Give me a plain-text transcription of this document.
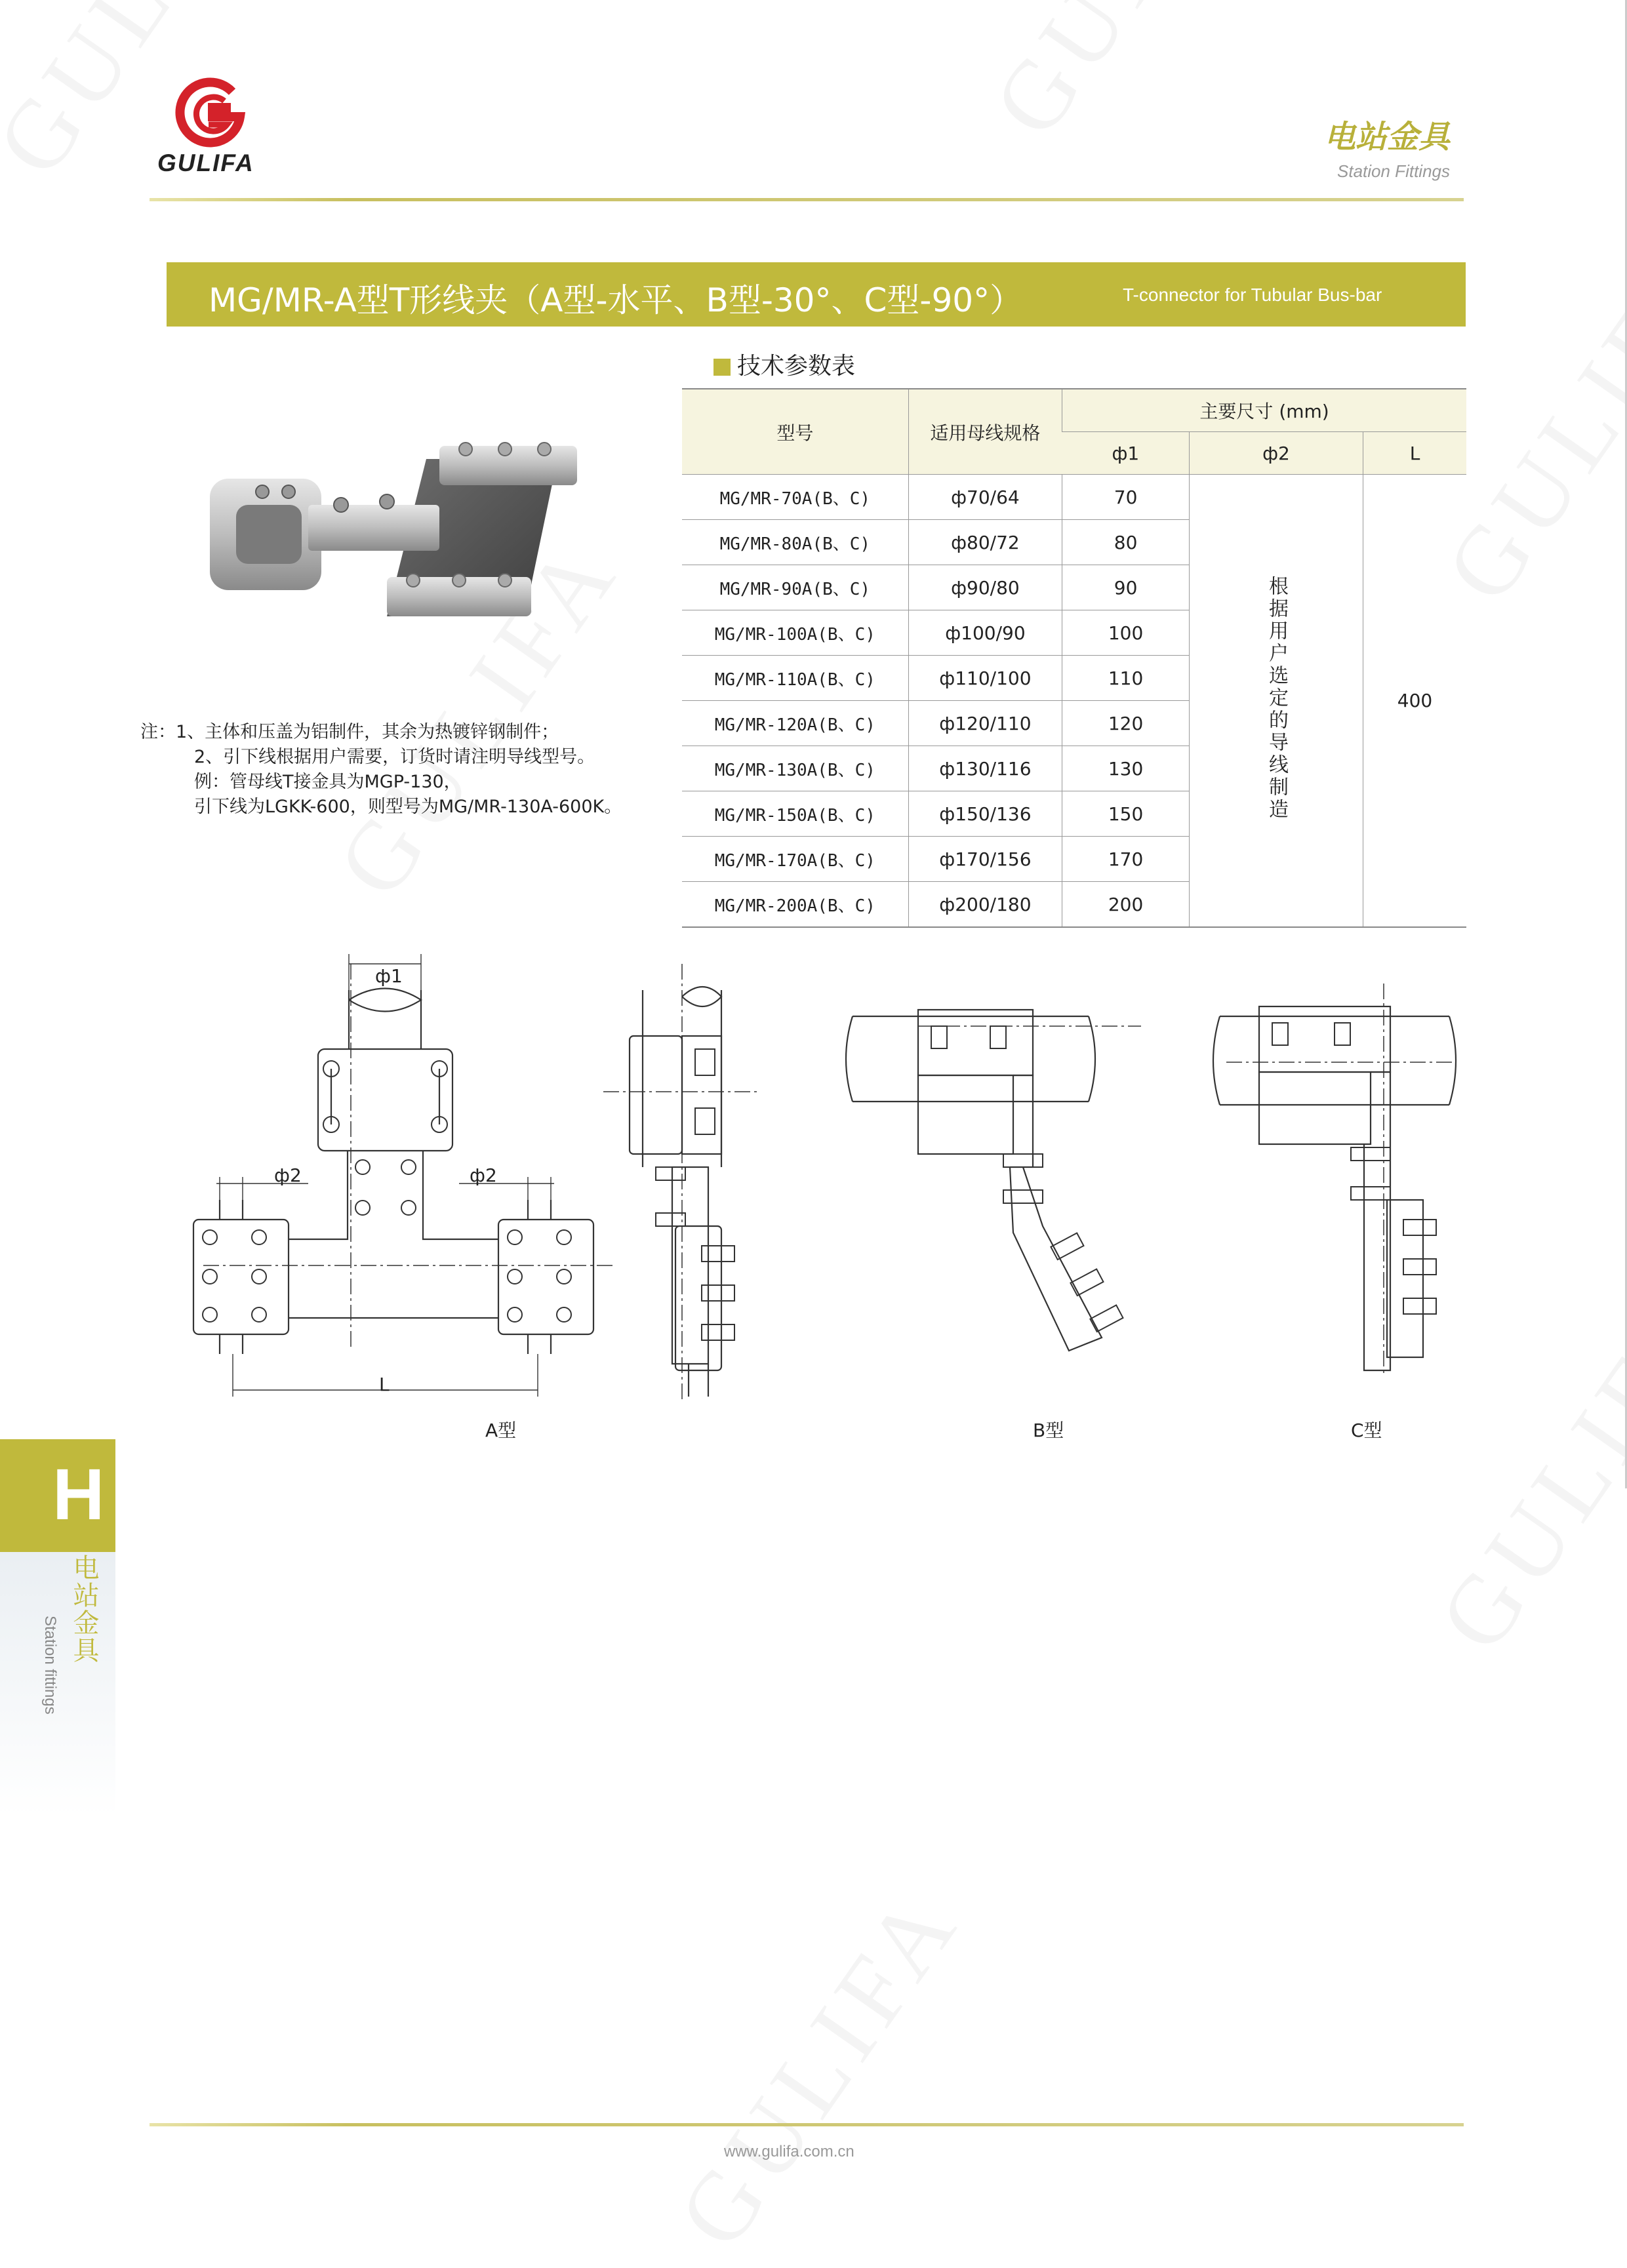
GULIFA
电站金具
Station Fittings
MG/MR-A型T形线夹（A型-水平、B型-30°、C型-90°）	T-connector for Tubular Bus-bar
注：1、主体和压盖为铝制件，其余为热镀锌钢制件；
2、引下线根据用户需要，订货时请注明导线型号。
例：管母线T接金具为MGP-130，
引下线为LGKK-600，则型号为MG/MR-130A-600K。
技术参数表
型号	适用母线规格	主要尺寸 (mm)		
		ф1	ф2	L
MG/MR-70A(B、C)	ф70/64	70	根据用户选定的导线制造	400
MG/MR-80A(B、C)	ф80/72	80		
MG/MR-90A(B、C)	ф90/80	90		
MG/MR-100A(B、C)	ф100/90	100		
MG/MR-110A(B、C)	ф110/100	110		
MG/MR-120A(B、C)	ф120/110	120		
MG/MR-130A(B、C)	ф130/116	130		
MG/MR-150A(B、C)	ф150/136	150		
MG/MR-170A(B、C)	ф170/156	170		
MG/MR-200A(B、C)	ф200/180	200		
ф1
ф2	ф2
L
A型	B型	C型
H
电站金具
Station fittings
www.gulifa.com.cn
